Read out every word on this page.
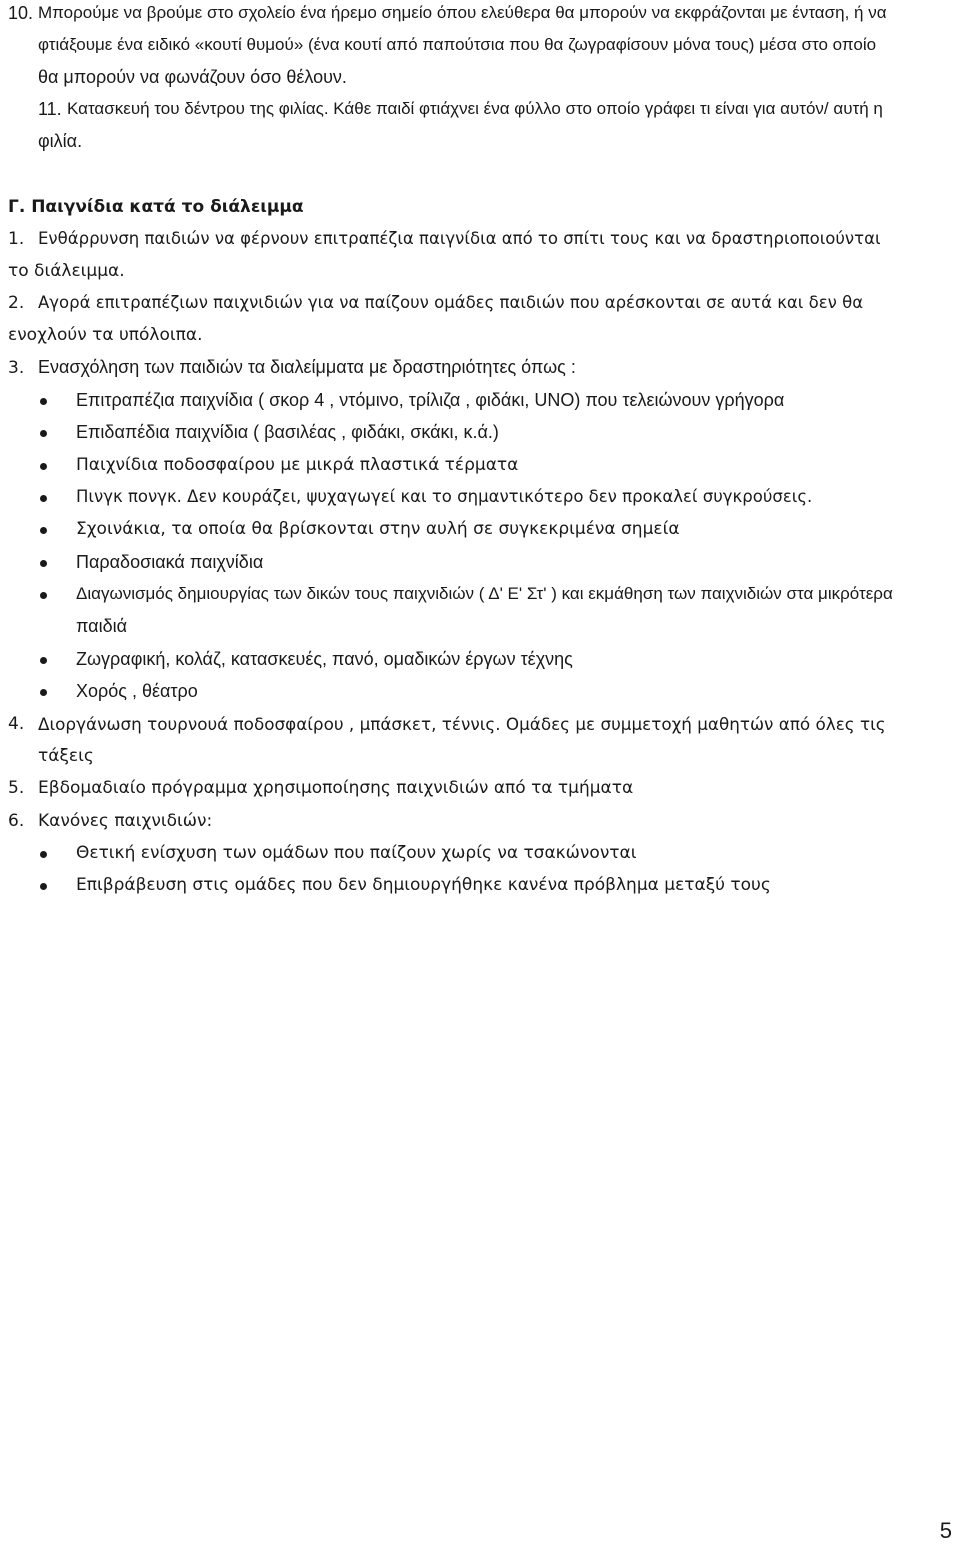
10. Μπορούμε να βρούμε στο σχολείο ένα ήρεμο σημείο όπου ελεύθερα θα μπορούν να εκφράζονται με ένταση, ή να
φτιάξουμε ένα ειδικό «κουτί θυμού» (ένα κουτί από παπούτσια που θα ζωγραφίσουν μόνα τους) μέσα στο οποίο
θα μπορούν να φωνάζουν όσο θέλουν.
11. Κατασκευή του δέντρου της φιλίας. Κάθε παιδί φτιάχνει ένα φύλλο στο οποίο γράφει τι είναι για αυτόν/ αυτή η
φιλία.
Γ. Παιγνίδια κατά το διάλειμμα
1. Ενθάρρυνση παιδιών να φέρνουν επιτραπέζια παιγνίδια από το σπίτι τους και να δραστηριοποιούνται
το διάλειμμα.
2. Αγορά επιτραπέζιων παιχνιδιών για να παίζουν ομάδες παιδιών που αρέσκονται σε αυτά και δεν θα
ενοχλούν τα υπόλοιπα.
3. Ενασχόληση των παιδιών τα διαλείμματα με δραστηριότητες όπως :
Επιτραπέζια παιχνίδια ( σκορ 4 , ντόμινο, τρίλιζα , φιδάκι, UNO) που τελειώνουν γρήγορα
Επιδαπέδια παιχνίδια ( βασιλέας , φιδάκι, σκάκι, κ.ά.)
Παιχνίδια ποδοσφαίρου με μικρά πλαστικά τέρματα
Πινγκ πονγκ. Δεν κουράζει, ψυχαγωγεί και το σημαντικότερο δεν προκαλεί συγκρούσεις.
Σχοινάκια, τα οποία θα βρίσκονται στην αυλή σε συγκεκριμένα σημεία
Παραδοσιακά παιχνίδια
Διαγωνισμός δημιουργίας των δικών τους παιχνιδιών ( Δ' Ε' Στ' ) και εκμάθηση των παιχνιδιών στα μικρότερα
παιδιά
Ζωγραφική, κολάζ, κατασκευές, πανό, ομαδικών έργων τέχνης
Χορός , θέατρο
4. Διοργάνωση τουρνουά ποδοσφαίρου , μπάσκετ, τέννις. Ομάδες με συμμετοχή μαθητών από όλες τις
τάξεις
5. Εβδομαδιαίο πρόγραμμα χρησιμοποίησης παιχνιδιών από τα τμήματα
6. Κανόνες παιχνιδιών:
Θετική ενίσχυση των ομάδων που παίζουν χωρίς να τσακώνονται
Επιβράβευση στις ομάδες που δεν δημιουργήθηκε κανένα πρόβλημα μεταξύ τους
5
